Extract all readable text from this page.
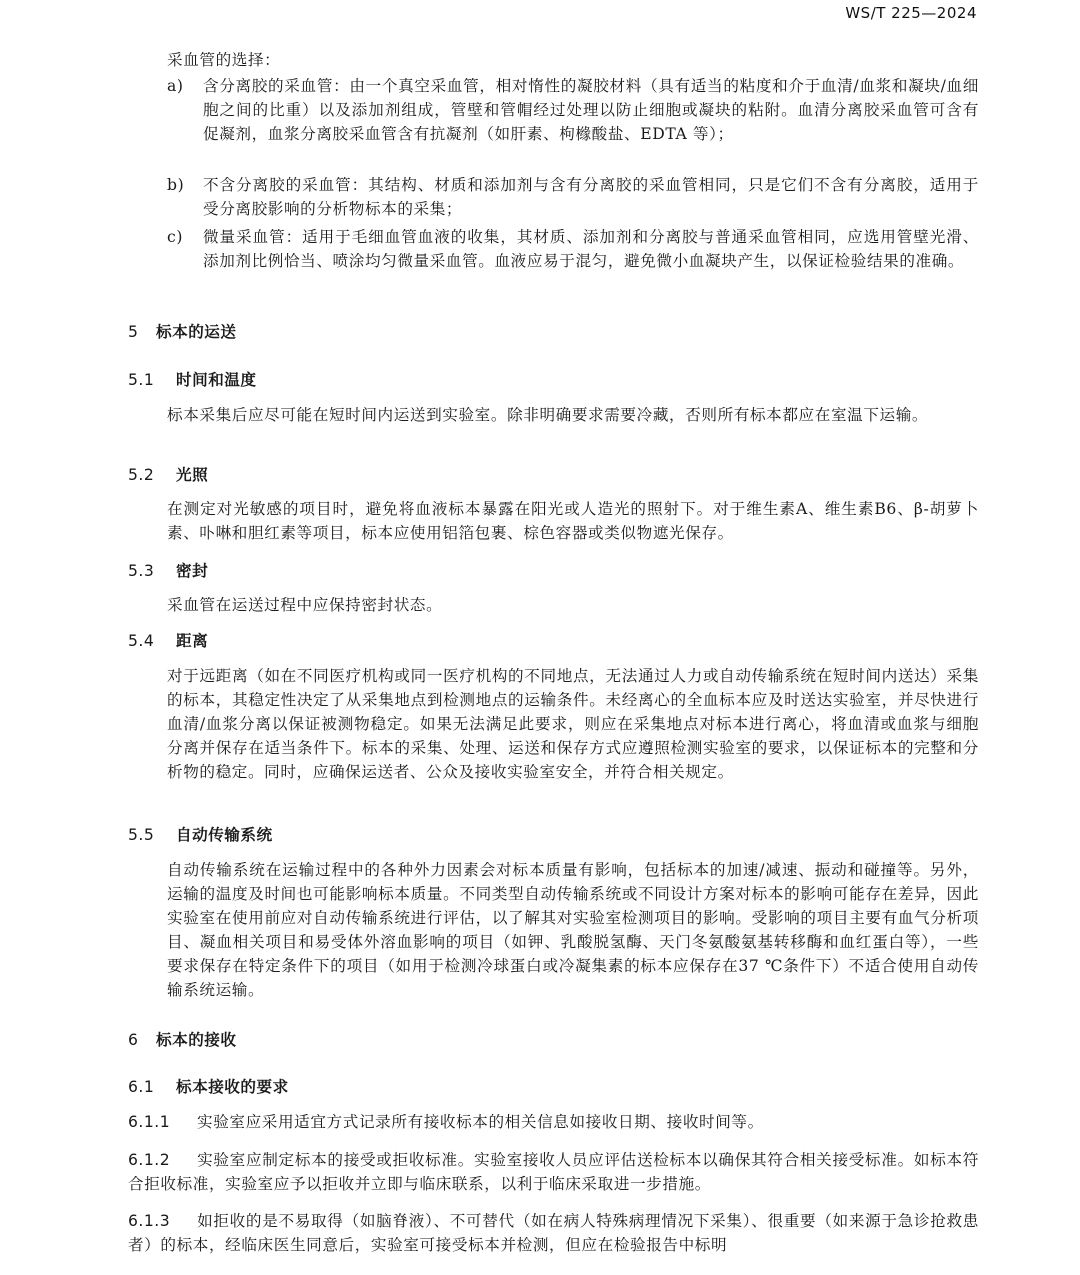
WS/T 225—2024
采血管的选择：
a)	含分离胶的采血管：由一个真空采血管，相对惰性的凝胶材料（具有适当的粘度和介于血清/血浆和凝块/血细胞之间的比重）以及添加剂组成，管壁和管帽经过处理以防止细胞或凝块的粘附。血清分离胶采血管可含有促凝剂，血浆分离胶采血管含有抗凝剂（如肝素、枸橼酸盐、EDTA 等）；
b)	不含分离胶的采血管：其结构、材质和添加剂与含有分离胶的采血管相同，只是它们不含有分离胶，适用于受分离胶影响的分析物标本的采集；
c)	微量采血管：适用于毛细血管血液的收集，其材质、添加剂和分离胶与普通采血管相同，应选用管壁光滑、添加剂比例恰当、喷涂均匀微量采血管。血液应易于混匀，避免微小血凝块产生，以保证检验结果的准确。
5 标本的运送
5.1 时间和温度
标本采集后应尽可能在短时间内运送到实验室。除非明确要求需要冷藏，否则所有标本都应在室温下运输。
5.2 光照
在测定对光敏感的项目时，避免将血液标本暴露在阳光或人造光的照射下。对于维生素A、维生素B6、β-胡萝卜素、卟啉和胆红素等项目，标本应使用铝箔包裹、棕色容器或类似物遮光保存。
5.3 密封
采血管在运送过程中应保持密封状态。
5.4 距离
对于远距离（如在不同医疗机构或同一医疗机构的不同地点，无法通过人力或自动传输系统在短时间内送达）采集的标本，其稳定性决定了从采集地点到检测地点的运输条件。未经离心的全血标本应及时送达实验室，并尽快进行血清/血浆分离以保证被测物稳定。如果无法满足此要求，则应在采集地点对标本进行离心，将血清或血浆与细胞分离并保存在适当条件下。标本的采集、处理、运送和保存方式应遵照检测实验室的要求，以保证标本的完整和分析物的稳定。同时，应确保运送者、公众及接收实验室安全，并符合相关规定。
5.5 自动传输系统
自动传输系统在运输过程中的各种外力因素会对标本质量有影响，包括标本的加速/减速、振动和碰撞等。另外，运输的温度及时间也可能影响标本质量。不同类型自动传输系统或不同设计方案对标本的影响可能存在差异，因此实验室在使用前应对自动传输系统进行评估，以了解其对实验室检测项目的影响。受影响的项目主要有血气分析项目、凝血相关项目和易受体外溶血影响的项目（如钾、乳酸脱氢酶、天门冬氨酸氨基转移酶和血红蛋白等），一些要求保存在特定条件下的项目（如用于检测冷球蛋白或冷凝集素的标本应保存在37 ℃条件下）不适合使用自动传输系统运输。
6 标本的接收
6.1 标本接收的要求
6.1.1 实验室应采用适宜方式记录所有接收标本的相关信息如接收日期、接收时间等。
6.1.2 实验室应制定标本的接受或拒收标准。实验室接收人员应评估送检标本以确保其符合相关接受标准。如标本符合拒收标准，实验室应予以拒收并立即与临床联系，以利于临床采取进一步措施。
6.1.3 如拒收的是不易取得（如脑脊液）、不可替代（如在病人特殊病理情况下采集）、很重要（如来源于急诊抢救患者）的标本，经临床医生同意后，实验室可接受标本并检测，但应在检验报告中标明
